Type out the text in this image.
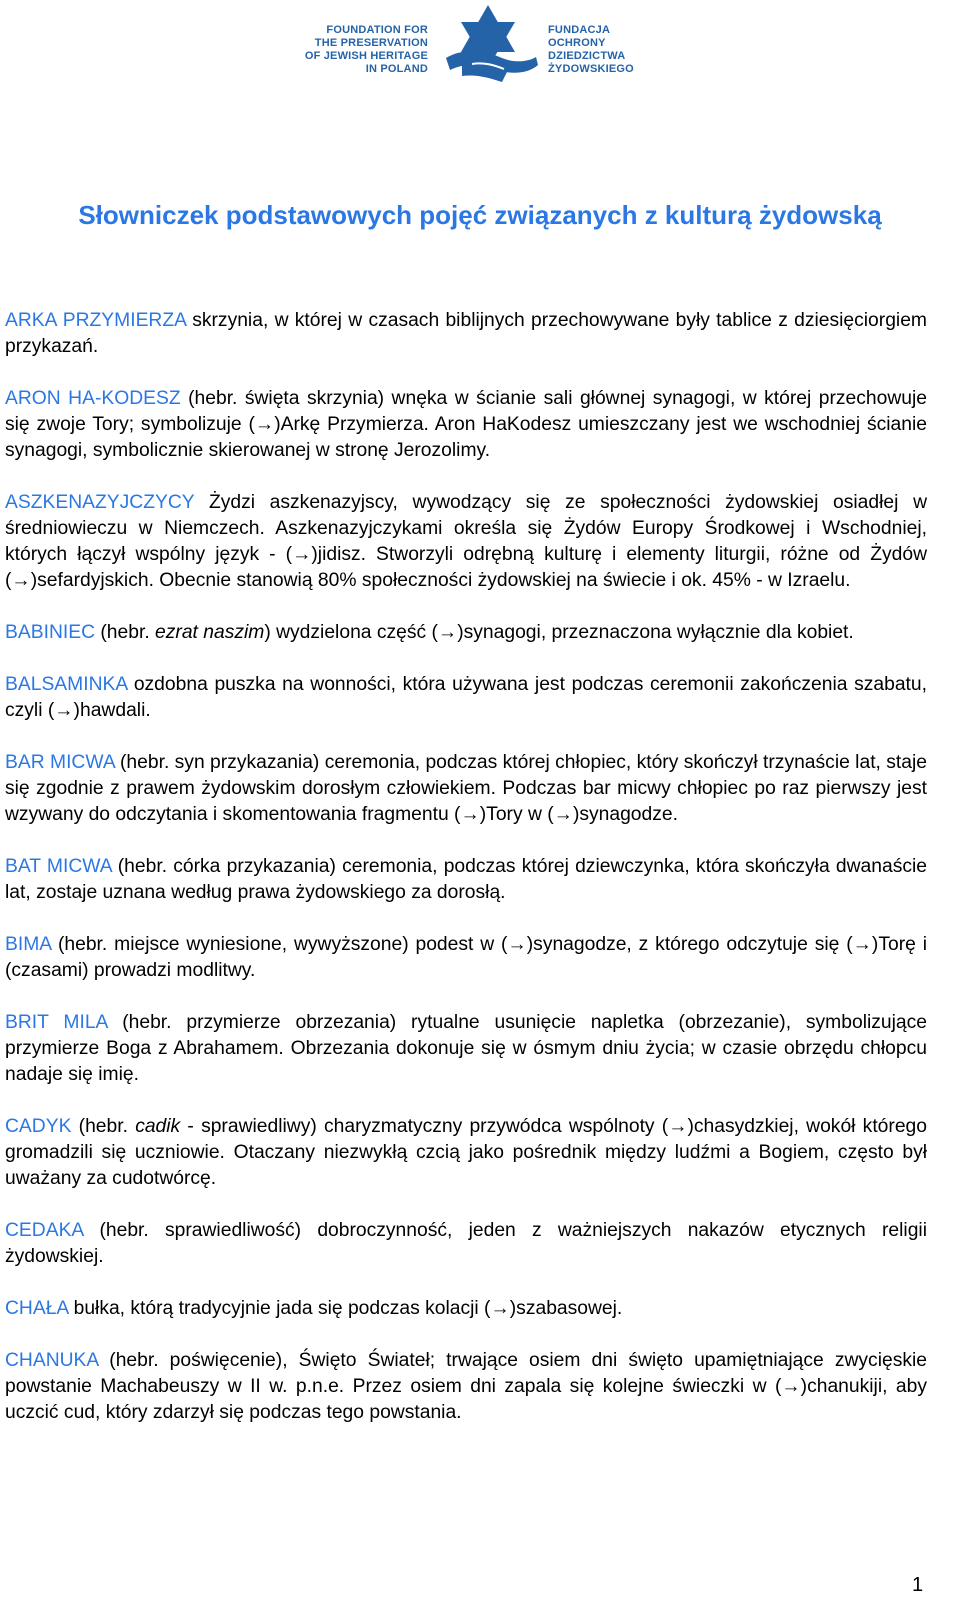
FOUNDATION FOR
THE PRESERVATION
OF JEWISH HERITAGE
IN POLAND
FUNDACJA
OCHRONY
DZIEDZICTWA
ŻYDOWSKIEGO
Słowniczek podstawowych pojęć związanych z kulturą żydowską

ARKA PRZYMIERZA skrzynia, w której w czasach biblijnych przechowywane były tablice z dziesięciorgiem przykazań.

ARON HA-KODESZ (hebr. święta skrzynia) wnęka w ścianie sali głównej synagogi, w której przechowuje się zwoje Tory; symbolizuje (→)Arkę Przymierza. Aron HaKodesz umieszczany jest we wschodniej ścianie synagogi, symbolicznie skierowanej w stronę Jerozolimy.

ASZKENAZYJCZYCY Żydzi aszkenazyjscy, wywodzący się ze społeczności żydowskiej osiadłej w średniowieczu w Niemczech. Aszkenazyjczykami określa się Żydów Europy Środkowej i Wschodniej, których łączył wspólny język - (→)jidisz. Stworzyli odrębną kulturę i elementy liturgii, różne od Żydów (→)sefardyjskich. Obecnie stanowią 80% społeczności żydowskiej na świecie i ok. 45% - w Izraelu.

BABINIEC (hebr. ezrat naszim) wydzielona część (→)synagogi, przeznaczona wyłącznie dla kobiet.

BALSAMINKA ozdobna puszka na wonności, która używana jest podczas ceremonii zakończenia szabatu, czyli (→)hawdali.

BAR MICWA (hebr. syn przykazania) ceremonia, podczas której chłopiec, który skończył trzynaście lat, staje się zgodnie z prawem żydowskim dorosłym człowiekiem. Podczas bar micwy chłopiec po raz pierwszy jest wzywany do odczytania i skomentowania fragmentu (→)Tory w (→)synagodze.

BAT MICWA (hebr. córka przykazania) ceremonia, podczas której dziewczynka, która skończyła dwanaście lat, zostaje uznana według prawa żydowskiego za dorosłą.

BIMA (hebr. miejsce wyniesione, wywyższone) podest w (→)synagodze, z którego odczytuje się (→)Torę i (czasami) prowadzi modlitwy.

BRIT MILA (hebr. przymierze obrzezania) rytualne usunięcie napletka (obrzezanie), symbolizujące przymierze Boga z Abrahamem. Obrzezania dokonuje się w ósmym dniu życia; w czasie obrzędu chłopcu nadaje się imię.

CADYK (hebr. cadik - sprawiedliwy) charyzmatyczny przywódca wspólnoty (→)chasydzkiej, wokół którego gromadzili się uczniowie. Otaczany niezwykłą czcią jako pośrednik między ludźmi a Bogiem, często był uważany za cudotwórcę.

CEDAKA (hebr. sprawiedliwość) dobroczynność, jeden z ważniejszych nakazów etycznych religii żydowskiej.

CHAŁA bułka, którą tradycyjnie jada się podczas kolacji (→)szabasowej.

CHANUKA (hebr. poświęcenie), Święto Świateł; trwające osiem dni święto upamiętniające zwycięskie powstanie Machabeuszy w II w. p.n.e. Przez osiem dni zapala się kolejne świeczki w (→)chanukiji, aby uczcić cud, który zdarzył się podczas tego powstania.

1
